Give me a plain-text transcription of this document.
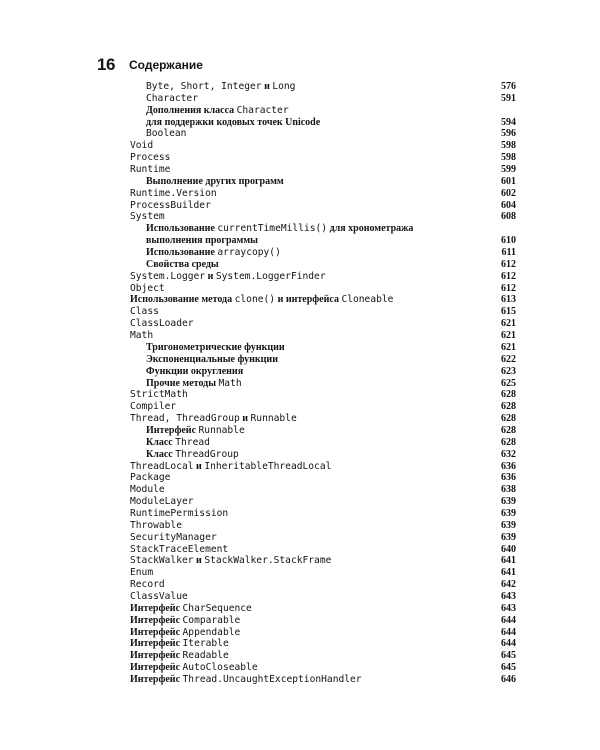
16 Содержание
Byte, Short, Integer и Long	576
Character	591
Дополнения класса Character
для поддержки кодовых точек Unicode	594
Boolean	596
Void	598
Process	598
Runtime	599
Выполнение других программ	601
Runtime.Version	602
ProcessBuilder	604
System	608
Использование currentTimeMillis() для хронометража
выполнения программы	610
Использование arraycopy()	611
Свойства среды	612
System.Logger и System.LoggerFinder	612
Object	612
Использование метода clone() и интерфейса Cloneable	613
Class	615
ClassLoader	621
Math	621
Тригонометрические функции	621
Экспоненциальные функции	622
Функции округления	623
Прочие методы Math	625
StrictMath	628
Compiler	628
Thread, ThreadGroup и Runnable	628
Интерфейс Runnable	628
Класс Thread	628
Класс ThreadGroup	632
ThreadLocal и InheritableThreadLocal	636
Package	636
Module	638
ModuleLayer	639
RuntimePermission	639
Throwable	639
SecurityManager	639
StackTraceElement	640
StackWalker и StackWalker.StackFrame	641
Enum	641
Record	642
ClassValue	643
Интерфейс CharSequence	643
Интерфейс Comparable	644
Интерфейс Appendable	644
Интерфейс Iterable	644
Интерфейс Readable	645
Интерфейс AutoCloseable	645
Интерфейс Thread.UncaughtExceptionHandler	646
